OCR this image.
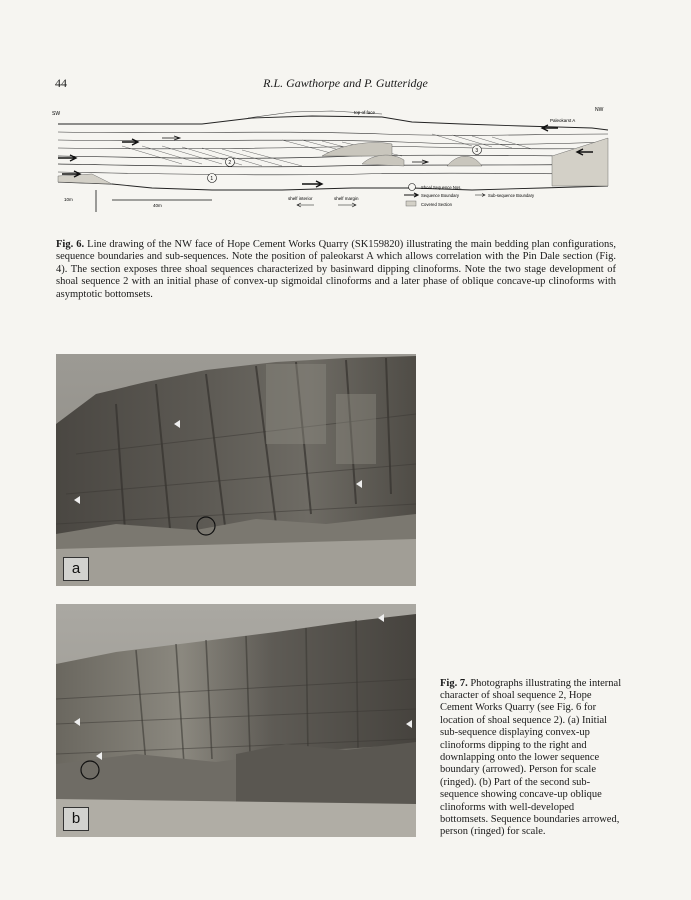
44	R.L. Gawthorpe and P. Gutteridge
SW
NW
top of face
Paleokarst A
1
2
3
10m
40m
shelf interior	shelf margin
Shoal Sequence Nos.
Sequence Boundary	Sub-sequence Boundary
Covered Section

Fig. 6. Line drawing of the NW face of Hope Cement Works Quarry (SK159820) illustrating the main bedding plan configurations, sequence boundaries and sub-sequences. Note the position of paleokarst A which allows correlation with the Pin Dale section (Fig. 4). The section exposes three shoal sequences characterized by basinward dipping clinoforms. Note the two stage development of shoal sequence 2 with an initial phase of convex-up sigmoidal clinoforms and a later phase of oblique concave-up clinoforms with asymptotic bottomsets.

a
b

Fig. 7. Photographs illustrating the internal character of shoal sequence 2, Hope Cement Works Quarry (see Fig. 6 for location of shoal sequence 2). (a) Initial sub-sequence displaying convex-up clinoforms dipping to the right and downlapping onto the lower sequence boundary (arrowed). Person for scale (ringed). (b) Part of the second sub-sequence showing concave-up oblique clinoforms with well-developed bottomsets. Sequence boundaries arrowed, person (ringed) for scale.
